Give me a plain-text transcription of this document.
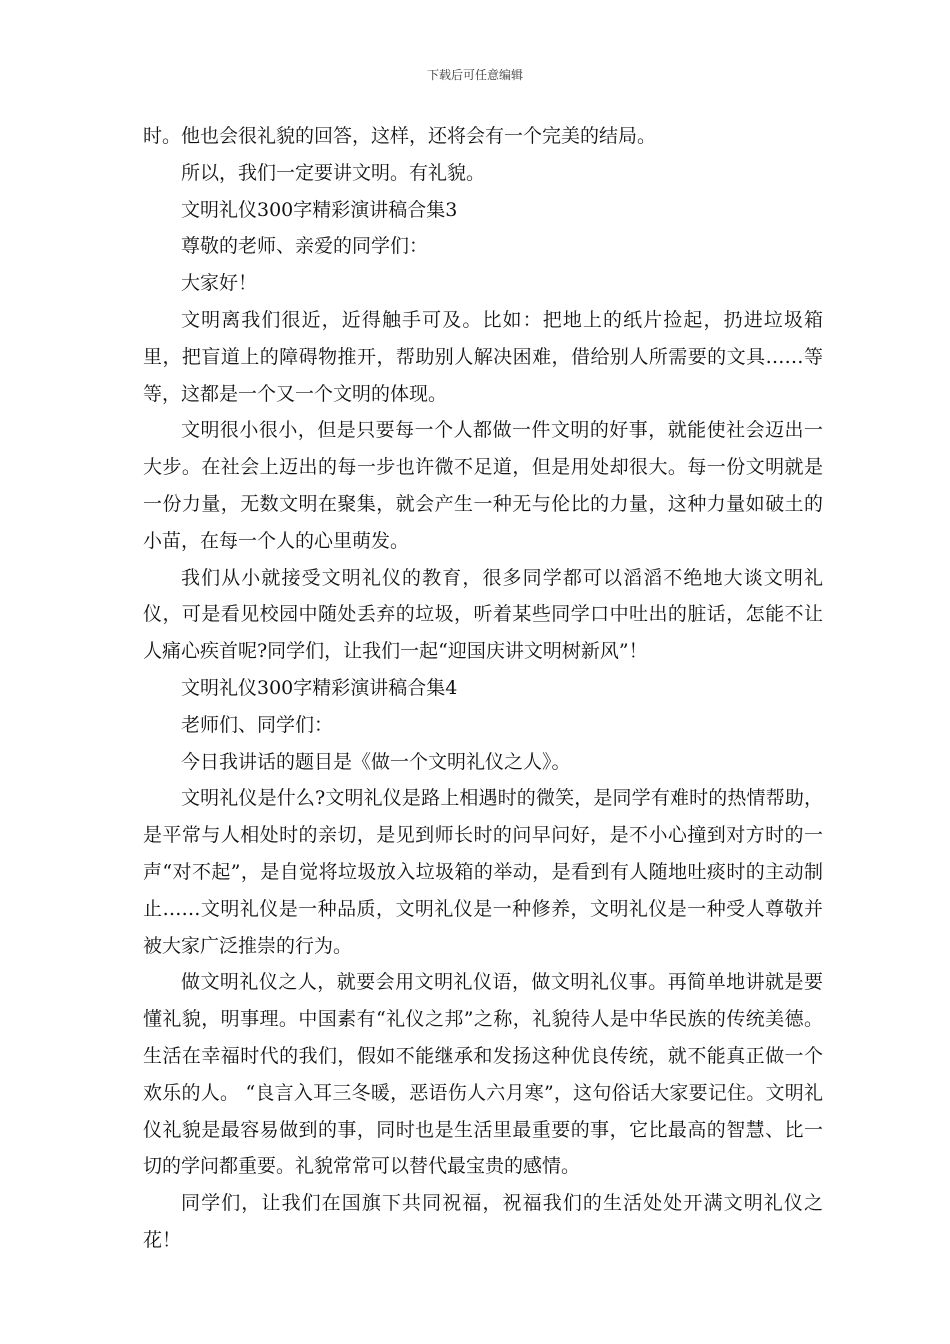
下载后可任意编辑

时。他也会很礼貌的回答，这样，还将会有一个完美的结局。

所以，我们一定要讲文明。有礼貌。

文明礼仪300字精彩演讲稿合集3

尊敬的老师、亲爱的同学们：

大家好！

文明离我们很近，近得触手可及。比如：把地上的纸片捡起，扔进垃圾箱里，把盲道上的障碍物推开，帮助别人解决困难，借给别人所需要的文具……等等，这都是一个又一个文明的体现。

文明很小很小，但是只要每一个人都做一件文明的好事，就能使社会迈出一大步。在社会上迈出的每一步也许微不足道，但是用处却很大。每一份文明就是一份力量，无数文明在聚集，就会产生一种无与伦比的力量，这种力量如破土的小苗，在每一个人的心里萌发。

我们从小就接受文明礼仪的教育，很多同学都可以滔滔不绝地大谈文明礼仪，可是看见校园中随处丢弃的垃圾，听着某些同学口中吐出的脏话，怎能不让人痛心疾首呢?同学们，让我们一起“迎国庆讲文明树新风”！

文明礼仪300字精彩演讲稿合集4

老师们、同学们：

今日我讲话的题目是《做一个文明礼仪之人》。

文明礼仪是什么?文明礼仪是路上相遇时的微笑，是同学有难时的热情帮助，是平常与人相处时的亲切，是见到师长时的问早问好，是不小心撞到对方时的一声“对不起”，是自觉将垃圾放入垃圾箱的举动，是看到有人随地吐痰时的主动制止……文明礼仪是一种品质，文明礼仪是一种修养，文明礼仪是一种受人尊敬并被大家广泛推崇的行为。

做文明礼仪之人，就要会用文明礼仪语，做文明礼仪事。再简单地讲就是要懂礼貌，明事理。中国素有“礼仪之邦”之称，礼貌待人是中华民族的传统美德。生活在幸福时代的我们，假如不能继承和发扬这种优良传统，就不能真正做一个欢乐的人。 “良言入耳三冬暖，恶语伤人六月寒”，这句俗话大家要记住。文明礼仪礼貌是最容易做到的事，同时也是生活里最重要的事，它比最高的智慧、比一切的学问都重要。礼貌常常可以替代最宝贵的感情。

同学们，让我们在国旗下共同祝福，祝福我们的生活处处开满文明礼仪之花！
